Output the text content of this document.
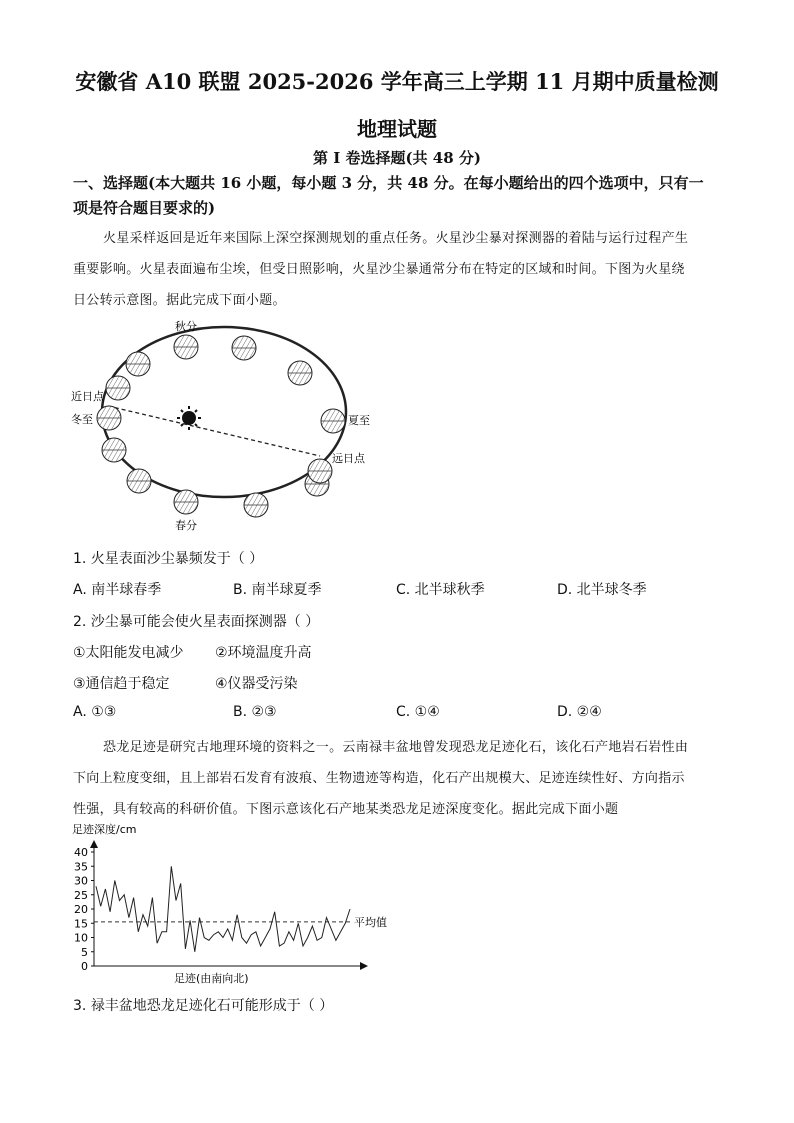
安徽省 A10 联盟 2025-2026 学年高三上学期 11 月期中质量检测
地理试题
第 I 卷选择题(共 48 分)
一、选择题(本大题共 16 小题，每小题 3 分，共 48 分。在每小题给出的四个选项中，只有一
项是符合题目要求的)
火星采样返回是近年来国际上深空探测规划的重点任务。火星沙尘暴对探测器的着陆与运行过程产生
重要影响。火星表面遍布尘埃，但受日照影响，火星沙尘暴通常分布在特定的区域和时间。下图为火星绕
日公转示意图。据此完成下面小题。
秋分
近日点
冬至	夏至
远日点
春分
1. 火星表面沙尘暴频发于（ ）
A. 南半球春季	B. 南半球夏季	C. 北半球秋季	D. 北半球冬季
2. 沙尘暴可能会使火星表面探测器（ ）
①太阳能发电减少 ②环境温度升高
③通信趋于稳定	④仪器受污染
A. ①③	B. ②③	C. ①④	D. ②④
恐龙足迹是研究古地理环境的资料之一。云南禄丰盆地曾发现恐龙足迹化石，该化石产地岩石岩性由
下向上粒度变细，且上部岩石发育有波痕、生物遗迹等构造，化石产出规模大、足迹连续性好、方向指示
性强，具有较高的科研价值。下图示意该化石产地某类恐龙足迹深度变化。据此完成下面小题
足迹深度/cm
0
5
10
15
20
25
30
35
40
平均值
足迹(由南向北)
3. 禄丰盆地恐龙足迹化石可能形成于（ ）
